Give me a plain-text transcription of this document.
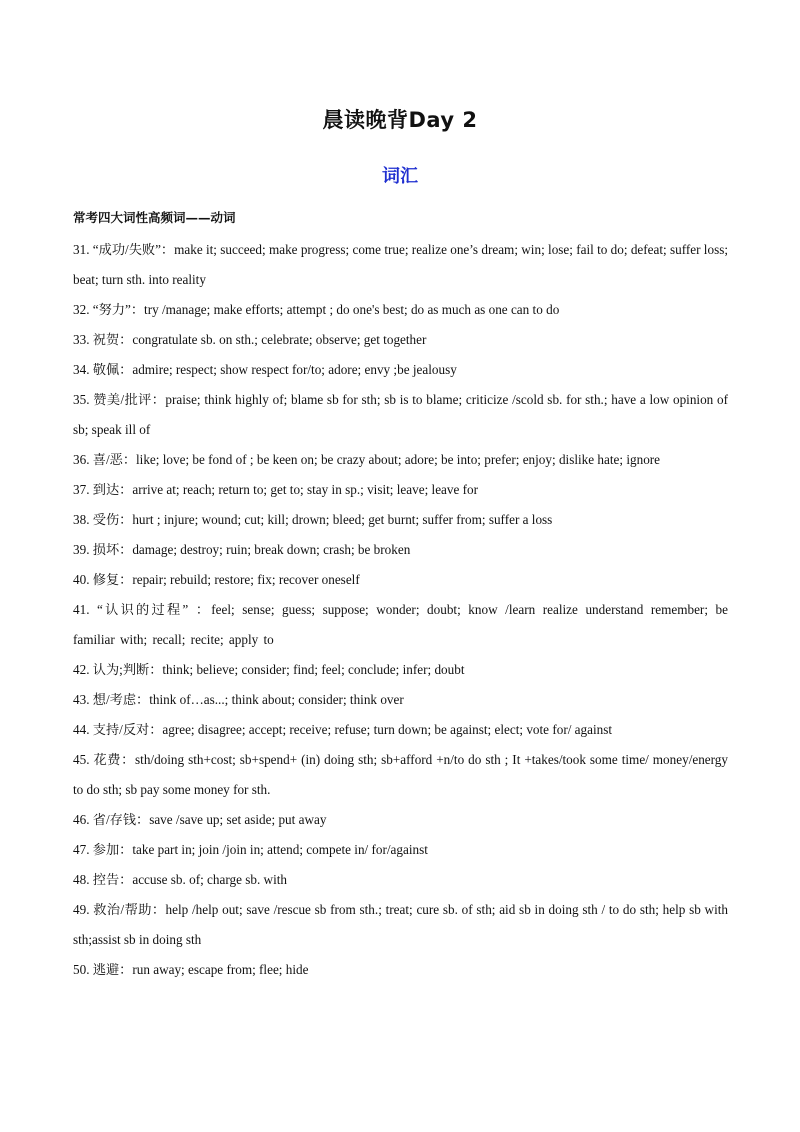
晨读晚背Day 2
词汇
常考四大词性高频词——动词

31. “成功/失败”：make it; succeed; make progress; come true; realize one’s dream; win; lose; fail to do; defeat; suffer loss; beat; turn sth. into reality

32. “努力”：try /manage; make efforts; attempt ; do one's best; do as much as one can to do

33. 祝贺：congratulate sb. on sth.; celebrate; observe; get together

34. 敬佩：admire; respect; show respect for/to; adore; envy ;be jealousy

35. 赞美/批评：praise; think highly of; blame sb for sth; sb is to blame; criticize /scold sb. for sth.; have a low opinion of sb; speak ill of

36. 喜/恶：like; love; be fond of ; be keen on; be crazy about; adore; be into; prefer; enjoy; dislike hate; ignore

37. 到达：arrive at; reach; return to; get to; stay in sp.; visit; leave; leave for

38. 受伤：hurt ; injure; wound; cut; kill; drown; bleed; get burnt; suffer from; suffer a loss

39. 损坏：damage; destroy; ruin; break down; crash; be broken

40. 修复：repair; rebuild; restore; fix; recover oneself

41. “认识的过程” ：feel; sense; guess; suppose; wonder; doubt; know /learn realize understand remember; be familiar with; recall; recite; apply to

42. 认为;判断：think; believe; consider; find; feel; conclude; infer; doubt

43. 想/考虑：think of…as...; think about; consider; think over

44. 支持/反对：agree; disagree; accept; receive; refuse; turn down; be against; elect; vote for/ against

45. 花费：sth/doing sth+cost; sb+spend+ (in) doing sth; sb+afford +n/to do sth ; It +takes/took some time/ money/energy to do sth; sb pay some money for sth.

46. 省/存钱：save /save up; set aside; put away

47. 参加：take part in; join /join in; attend; compete in/ for/against

48. 控告：accuse sb. of; charge sb. with

49. 救治/帮助：help /help out; save /rescue sb from sth.; treat; cure sb. of sth; aid sb in doing sth / to do sth; help sb with sth;assist sb in doing sth

50. 逃避：run away; escape from; flee; hide
